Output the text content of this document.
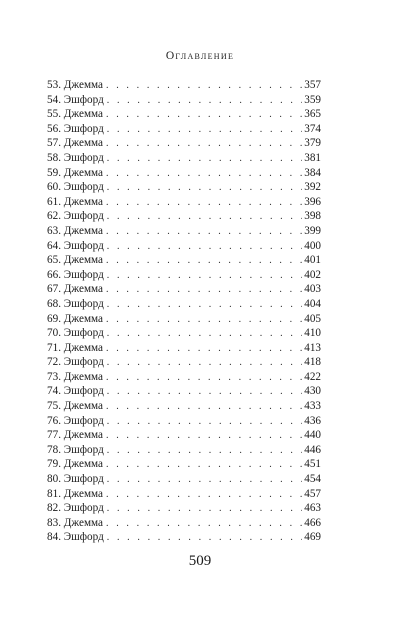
Оглавление
53. Джемма . . .	357
54. Эшфорд . . .	359
55. Джемма . . .	365
56. Эшфорд . . .	374
57. Джемма . . .	379
58. Эшфорд . . .	381
59. Джемма . . .	384
60. Эшфорд . . .	392
61. Джемма . . .	396
62. Эшфорд . . .	398
63. Джемма . . .	399
64. Эшфорд . . .	400
65. Джемма . . .	401
66. Эшфорд . . .	402
67. Джемма . . .	403
68. Эшфорд . . .	404
69. Джемма . . .	405
70. Эшфорд . . .	410
71. Джемма . . .	413
72. Эшфорд . . .	418
73. Джемма . . .	422
74. Эшфорд . . .	430
75. Джемма . . .	433
76. Эшфорд . . .	436
77. Джемма . . .	440
78. Эшфорд . . .	446
79. Джемма . . .	451
80. Эшфорд . . .	454
81. Джемма . . .	457
82. Эшфорд . . .	463
83. Джемма . . .	466
84. Эшфорд . . .	469
509
